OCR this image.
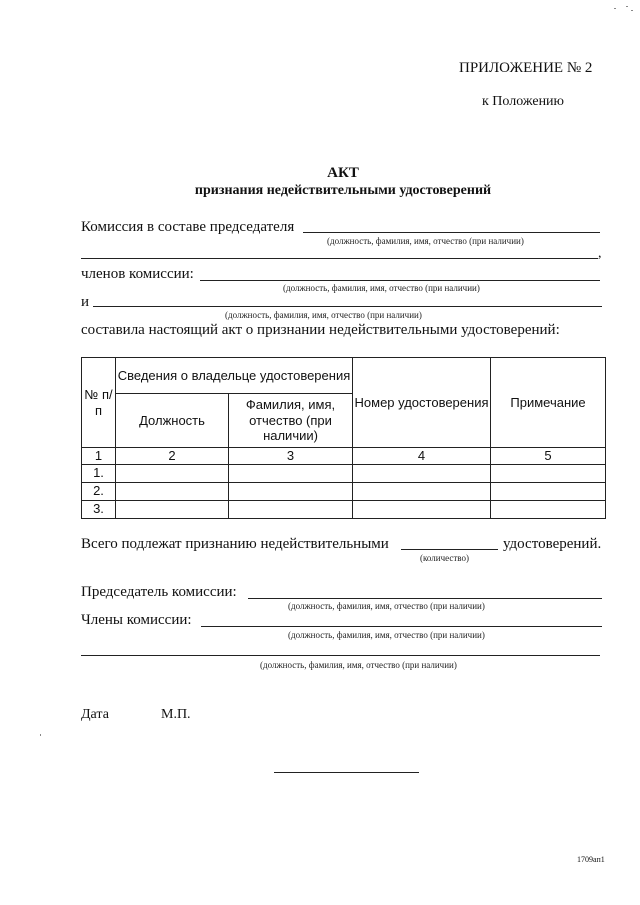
ПРИЛОЖЕНИЕ № 2
к Положению
АКТ
признания недействительными удостоверений
Комиссия в составе председателя
(должность, фамилия, имя, отчество (при наличии)
,
членов комиссии:
(должность, фамилия, имя, отчество (при наличии)
и
(должность, фамилия, имя, отчество (при наличии)
составила настоящий акт о признании недействительными удостоверений:
№ п/п	Сведения о владельце удостоверения		Номер удостоверения	Примечание
	Должность	Фамилия, имя, отчество (при наличии)		
1	2	3	4	5
1.				
2.				
3.				
Всего подлежат признанию недействительными
(количество)
удостоверений.
Председатель комиссии:
(должность, фамилия, имя, отчество (при наличии)
Члены комиссии:
(должность, фамилия, имя, отчество (при наличии)
(должность, фамилия, имя, отчество (при наличии)
Дата	М.П.
1709ап1
